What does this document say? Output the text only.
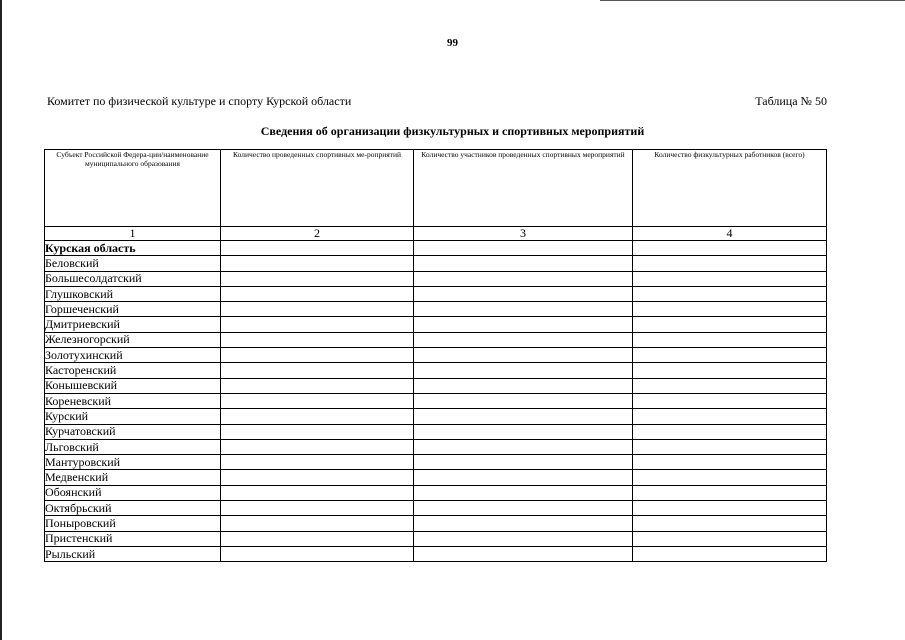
99
Комитет по физической культуре и спорту Курской области	Таблица № 50
Сведения об организации физкультурных и спортивных мероприятий
Субъект Российской Федера-ции/наименование муниципального образования	Количество проведенных спортивных ме-роприятий	Количество участников проведенных спортивных мероприятий	Количество физкультурных работников (всего)
1	2	3	4
Курская область			
Беловский			
Большесолдатский			
Глушковский			
Горшеченский			
Дмитриевский			
Железногорский			
Золотухинский			
Касторенский			
Конышевский			
Кореневский			
Курский			
Курчатовский			
Льговский			
Мантуровский			
Медвенский			
Обоянский			
Октябрьский			
Поныровский			
Пристенский			
Рыльский			
